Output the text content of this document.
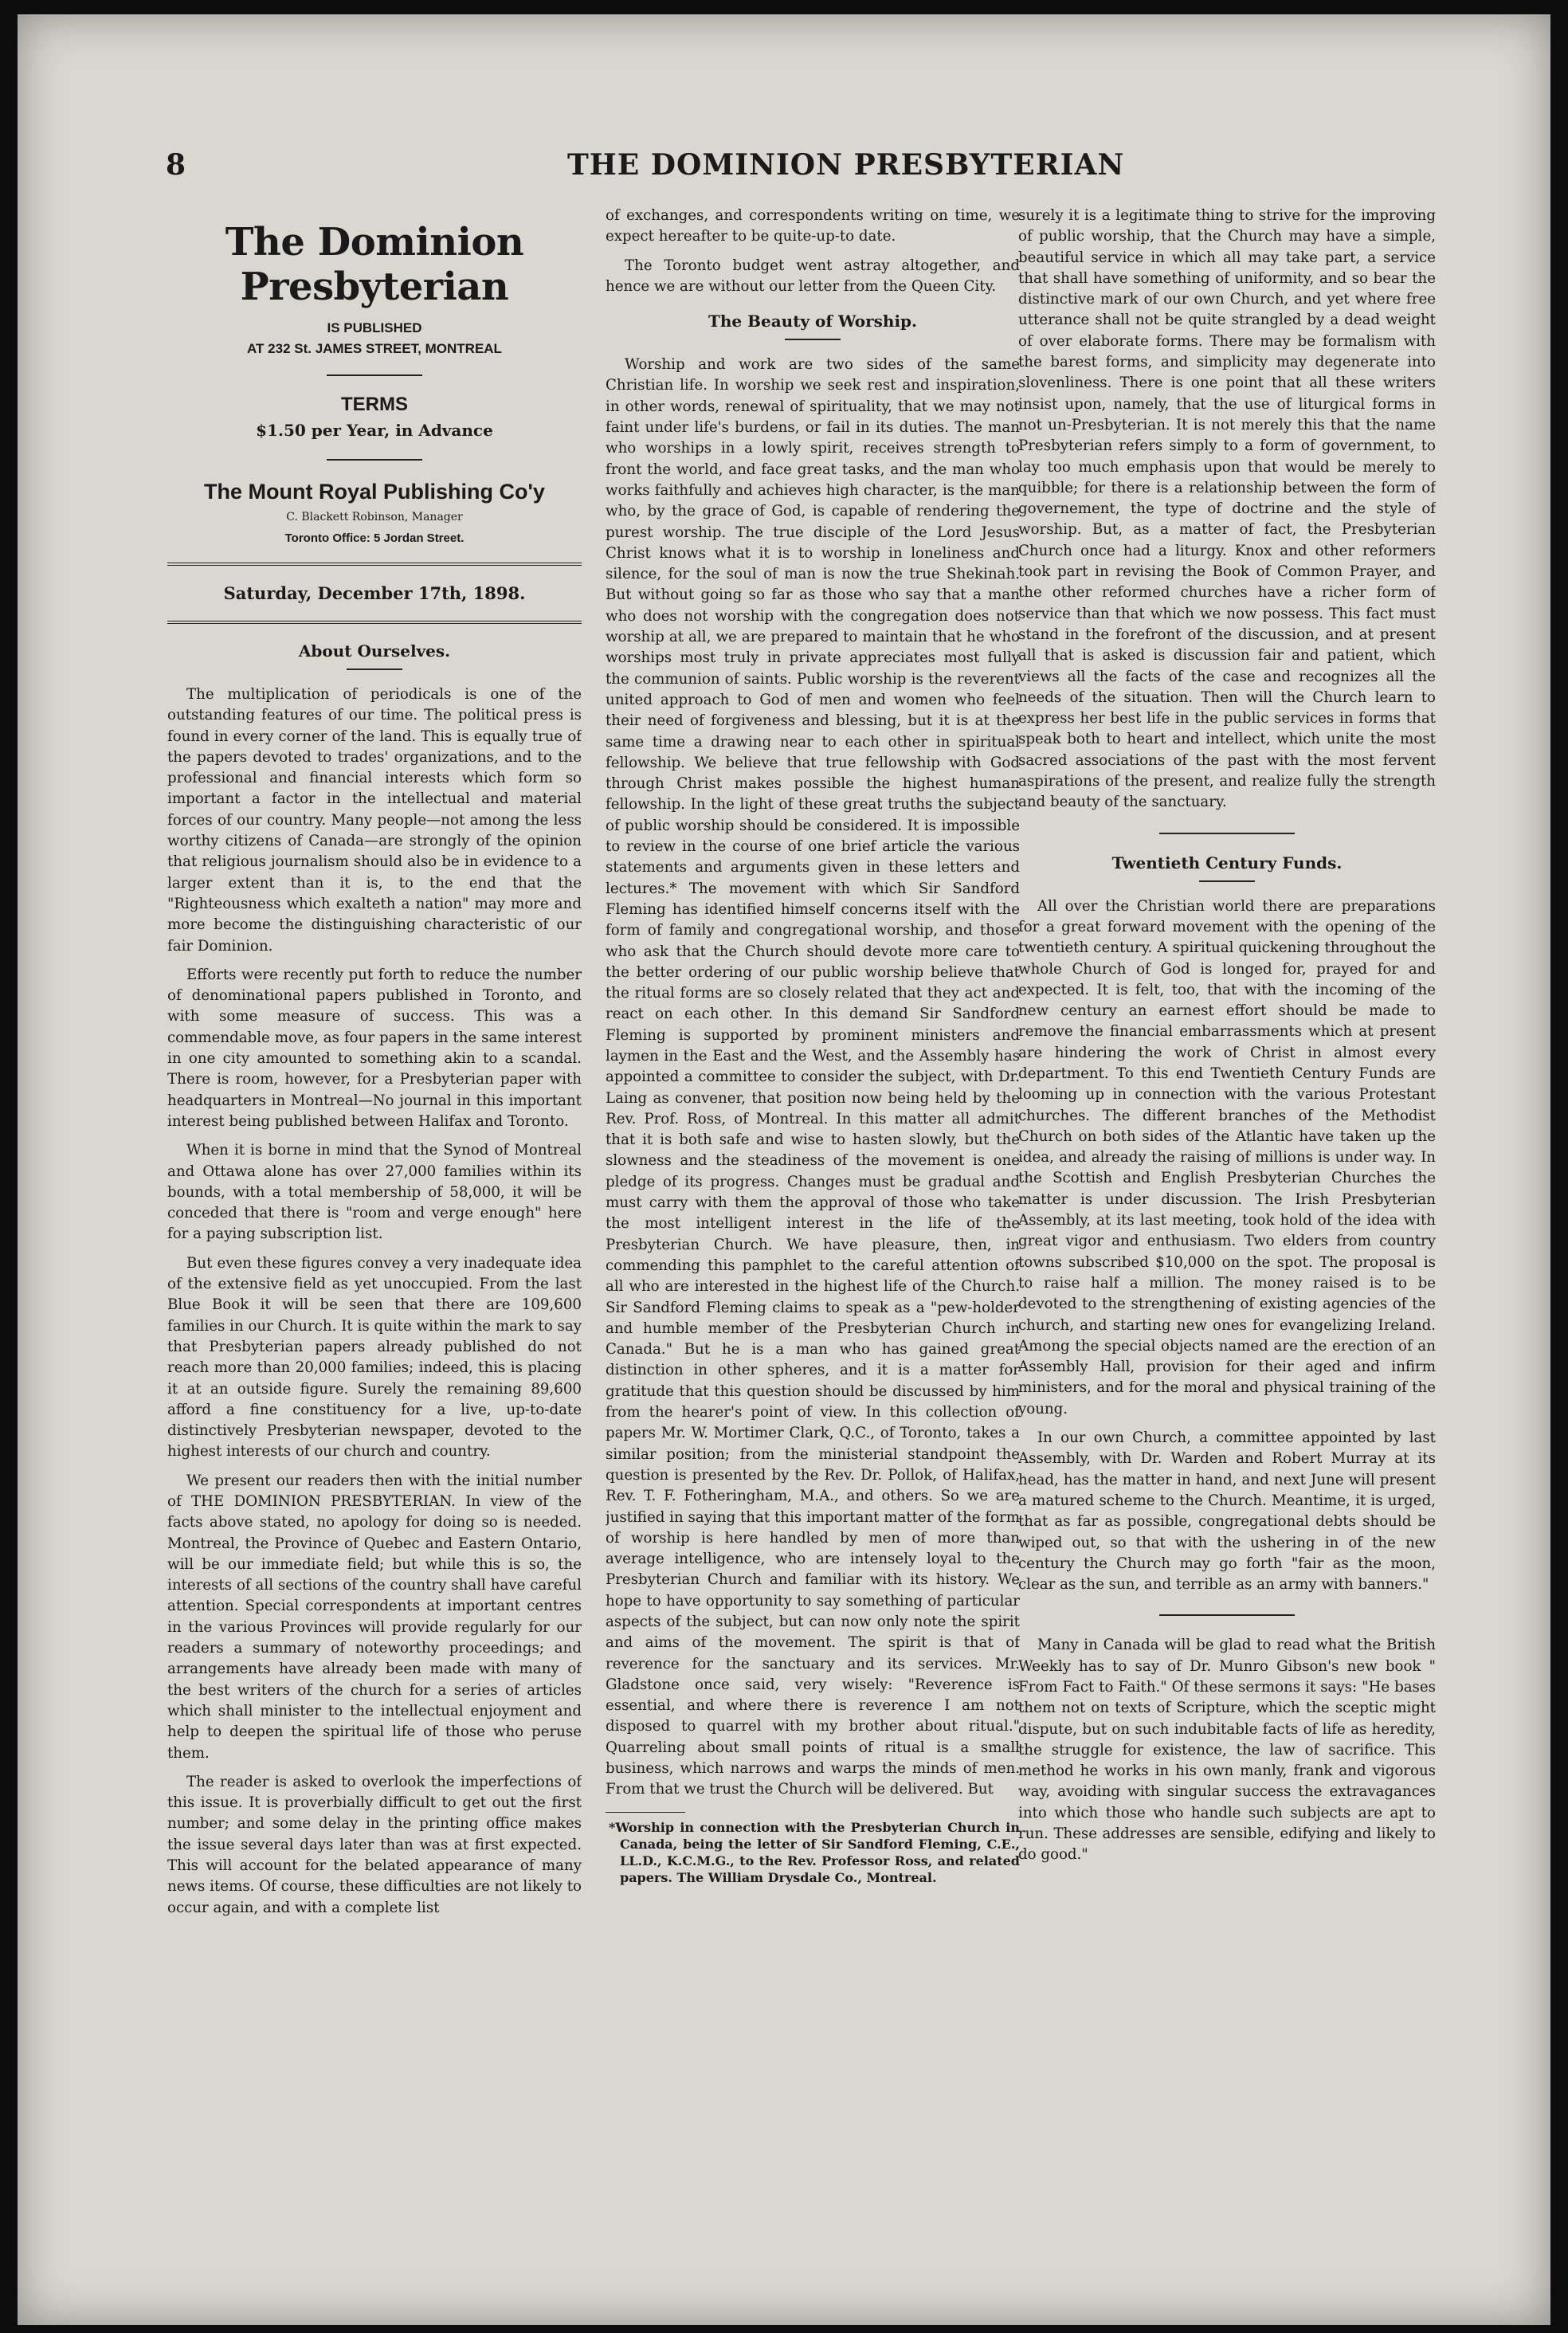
8	THE DOMINION PRESBYTERIAN
The Dominion Presbyterian
IS PUBLISHED
AT 232 St. JAMES STREET, MONTREAL
TERMS
$1.50 per Year, in Advance
The Mount Royal Publishing Co'y
C. Blackett Robinson, Manager
Toronto Office: 5 Jordan Street.
Saturday, December 17th, 1898.
About Ourselves.

The multiplication of periodicals is one of the outstanding features of our time. The political press is found in every corner of the land. This is equally true of the papers devoted to trades' organizations, and to the professional and financial interests which form so important a factor in the intellectual and material forces of our country. Many people—not among the less worthy citizens of Canada—are strongly of the opinion that religious journalism should also be in evidence to a larger extent than it is, to the end that the "Righteousness which exalteth a nation" may more and more become the distinguishing characteristic of our fair Dominion.

Efforts were recently put forth to reduce the number of denominational papers published in Toronto, and with some measure of success. This was a commendable move, as four papers in the same interest in one city amounted to something akin to a scandal. There is room, however, for a Presbyterian paper with headquarters in Montreal—No journal in this important interest being published between Halifax and Toronto.

When it is borne in mind that the Synod of Montreal and Ottawa alone has over 27,000 families within its bounds, with a total membership of 58,000, it will be conceded that there is "room and verge enough" here for a paying subscription list.

But even these figures convey a very inadequate idea of the extensive field as yet unoccupied. From the last Blue Book it will be seen that there are 109,600 families in our Church. It is quite within the mark to say that Presbyterian papers already published do not reach more than 20,000 families; indeed, this is placing it at an outside figure. Surely the remaining 89,600 afford a fine constituency for a live, up-to-date distinctively Presbyterian newspaper, devoted to the highest interests of our church and country.

We present our readers then with the initial number of THE DOMINION PRESBYTERIAN. In view of the facts above stated, no apology for doing so is needed. Montreal, the Province of Quebec and Eastern Ontario, will be our immediate field; but while this is so, the interests of all sections of the country shall have careful attention. Special correspondents at important centres in the various Provinces will provide regularly for our readers a summary of noteworthy proceedings; and arrangements have already been made with many of the best writers of the church for a series of articles which shall minister to the intellectual enjoyment and help to deepen the spiritual life of those who peruse them.

The reader is asked to overlook the imperfections of this issue. It is proverbially difficult to get out the first number; and some delay in the printing office makes the issue several days later than was at first expected. This will account for the belated appearance of many news items. Of course, these difficulties are not likely to occur again, and with a complete list

of exchanges, and correspondents writing on time, we expect hereafter to be quite-up-to date.

The Toronto budget went astray altogether, and hence we are without our letter from the Queen City.

The Beauty of Worship.

Worship and work are two sides of the same Christian life. In worship we seek rest and inspiration, in other words, renewal of spirituality, that we may not faint under life's burdens, or fail in its duties. The man who worships in a lowly spirit, receives strength to front the world, and face great tasks, and the man who works faithfully and achieves high character, is the man who, by the grace of God, is capable of rendering the purest worship. The true disciple of the Lord Jesus Christ knows what it is to worship in loneliness and silence, for the soul of man is now the true Shekinah. But without going so far as those who say that a man who does not worship with the congregation does not worship at all, we are prepared to maintain that he who worships most truly in private appreciates most fully the communion of saints. Public worship is the reverent united approach to God of men and women who feel their need of forgiveness and blessing, but it is at the same time a drawing near to each other in spiritual fellowship. We believe that true fellowship with God through Christ makes possible the highest human fellowship. In the light of these great truths the subject of public worship should be considered. It is impossible to review in the course of one brief article the various statements and arguments given in these letters and lectures.* The movement with which Sir Sandford Fleming has identified himself concerns itself with the form of family and congregational worship, and those who ask that the Church should devote more care to the better ordering of our public worship believe that the ritual forms are so closely related that they act and react on each other. In this demand Sir Sandford Fleming is supported by prominent ministers and laymen in the East and the West, and the Assembly has appointed a committee to consider the subject, with Dr. Laing as convener, that position now being held by the Rev. Prof. Ross, of Montreal. In this matter all admit that it is both safe and wise to hasten slowly, but the slowness and the steadiness of the movement is one pledge of its progress. Changes must be gradual and must carry with them the approval of those who take the most intelligent interest in the life of the Presbyterian Church. We have pleasure, then, in commending this pamphlet to the careful attention of all who are interested in the highest life of the Church. Sir Sandford Fleming claims to speak as a "pew-holder and humble member of the Presbyterian Church in Canada." But he is a man who has gained great distinction in other spheres, and it is a matter for gratitude that this question should be discussed by him from the hearer's point of view. In this collection of papers Mr. W. Mortimer Clark, Q.C., of Toronto, takes a similar position; from the ministerial standpoint the question is presented by the Rev. Dr. Pollok, of Halifax, Rev. T. F. Fotheringham, M.A., and others. So we are justified in saying that this important matter of the form of worship is here handled by men of more than average intelligence, who are intensely loyal to the Presbyterian Church and familiar with its history. We hope to have opportunity to say something of particular aspects of the subject, but can now only note the spirit and aims of the movement. The spirit is that of reverence for the sanctuary and its services. Mr. Gladstone once said, very wisely: "Reverence is essential, and where there is reverence I am not disposed to quarrel with my brother about ritual." Quarreling about small points of ritual is a small business, which narrows and warps the minds of men. From that we trust the Church will be delivered. But

*Worship in connection with the Presbyterian Church in Canada, being the letter of Sir Sandford Fleming, C.E., LL.D., K.C.M.G., to the Rev. Professor Ross, and related papers. The William Drysdale Co., Montreal.

surely it is a legitimate thing to strive for the improving of public worship, that the Church may have a simple, beautiful service in which all may take part, a service that shall have something of uniformity, and so bear the distinctive mark of our own Church, and yet where free utterance shall not be quite strangled by a dead weight of over elaborate forms. There may be formalism with the barest forms, and simplicity may degenerate into slovenliness. There is one point that all these writers insist upon, namely, that the use of liturgical forms in not un-Presbyterian. It is not merely this that the name Presbyterian refers simply to a form of government, to lay too much emphasis upon that would be merely to quibble; for there is a relationship between the form of governement, the type of doctrine and the style of worship. But, as a matter of fact, the Presbyterian Church once had a liturgy. Knox and other reformers took part in revising the Book of Common Prayer, and the other reformed churches have a richer form of service than that which we now possess. This fact must stand in the forefront of the discussion, and at present all that is asked is discussion fair and patient, which views all the facts of the case and recognizes all the needs of the situation. Then will the Church learn to express her best life in the public services in forms that speak both to heart and intellect, which unite the most sacred associations of the past with the most fervent aspirations of the present, and realize fully the strength and beauty of the sanctuary.

Twentieth Century Funds.

All over the Christian world there are preparations for a great forward movement with the opening of the twentieth century. A spiritual quickening throughout the whole Church of God is longed for, prayed for and expected. It is felt, too, that with the incoming of the new century an earnest effort should be made to remove the financial embarrassments which at present are hindering the work of Christ in almost every department. To this end Twentieth Century Funds are looming up in connection with the various Protestant churches. The different branches of the Methodist Church on both sides of the Atlantic have taken up the idea, and already the raising of millions is under way. In the Scottish and English Presbyterian Churches the matter is under discussion. The Irish Presbyterian Assembly, at its last meeting, took hold of the idea with great vigor and enthusiasm. Two elders from country towns subscribed $10,000 on the spot. The proposal is to raise half a million. The money raised is to be devoted to the strengthening of existing agencies of the church, and starting new ones for evangelizing Ireland. Among the special objects named are the erection of an Assembly Hall, provision for their aged and infirm ministers, and for the moral and physical training of the young.

In our own Church, a committee appointed by last Assembly, with Dr. Warden and Robert Murray at its head, has the matter in hand, and next June will present a matured scheme to the Church. Meantime, it is urged, that as far as possible, congregational debts should be wiped out, so that with the ushering in of the new century the Church may go forth "fair as the moon, clear as the sun, and terrible as an army with banners."

Many in Canada will be glad to read what the British Weekly has to say of Dr. Munro Gibson's new book " From Fact to Faith." Of these sermons it says: "He bases them not on texts of Scripture, which the sceptic might dispute, but on such indubitable facts of life as heredity, the struggle for existence, the law of sacrifice. This method he works in his own manly, frank and vigorous way, avoiding with singular success the extravagances into which those who handle such subjects are apt to run. These addresses are sensible, edifying and likely to do good."
